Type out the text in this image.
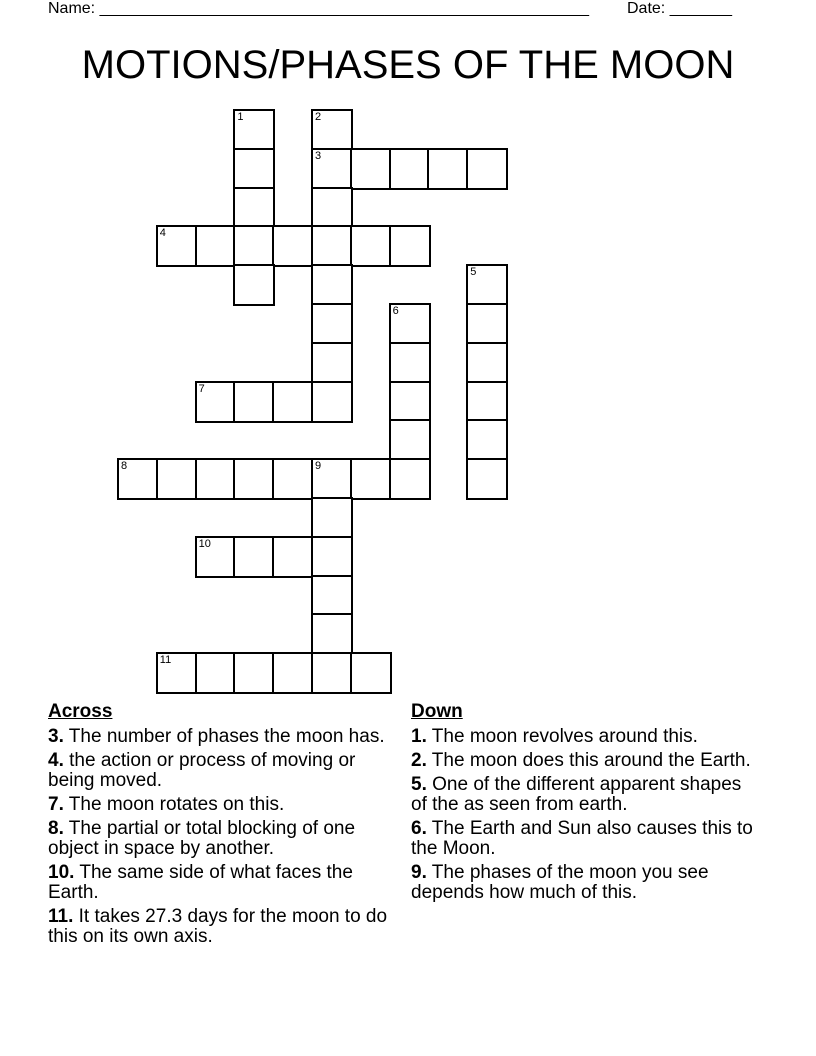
Name: _______________________________________________________ Date: _______
MOTIONS/PHASES OF THE MOON
1	2
3
4
5
6
7
8	9
10
11
Across
3. The number of phases the moon has.
4. the action or process of moving or being moved.
7. The moon rotates on this.
8. The partial or total blocking of one object in space by another.
10. The same side of what faces the Earth.
11. It takes 27.3 days for the moon to do this on its own axis.
Down
1. The moon revolves around this.
2. The moon does this around the Earth.
5. One of the different apparent shapes of the as seen from earth.
6. The Earth and Sun also causes this to the Moon.
9. The phases of the moon you see depends how much of this.
